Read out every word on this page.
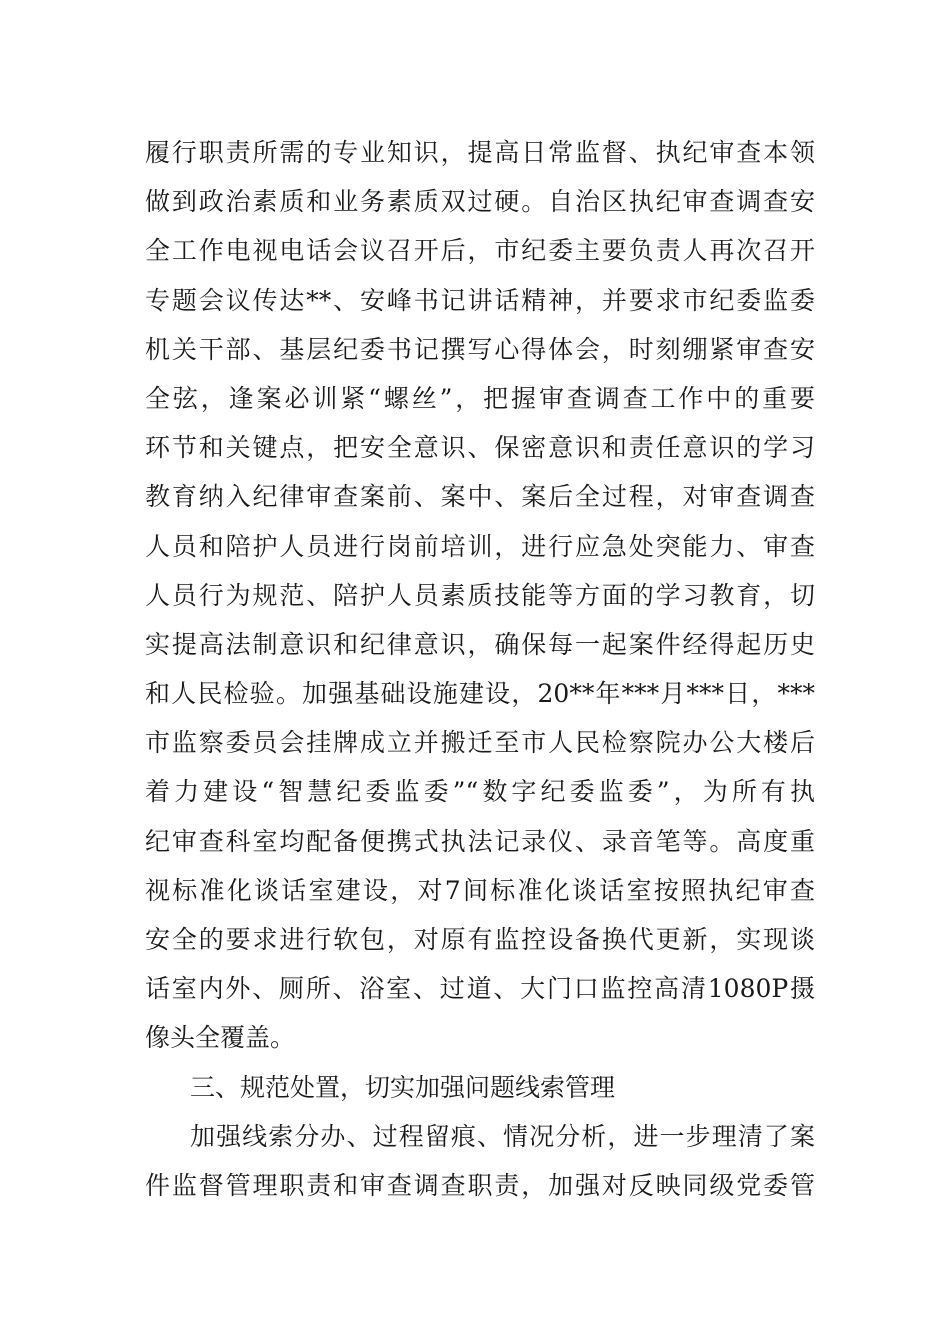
履行职责所需的专业知识，提高日常监督、执纪审查本领
做到政治素质和业务素质双过硬。自治区执纪审查调查安
全工作电视电话会议召开后，市纪委主要负责人再次召开
专题会议传达**、安峰书记讲话精神，并要求市纪委监委
机关干部、基层纪委书记撰写心得体会，时刻绷紧审查安
全弦，逢案必训紧“螺丝”，把握审查调查工作中的重要
环节和关键点，把安全意识、保密意识和责任意识的学习
教育纳入纪律审查案前、案中、案后全过程，对审查调查
人员和陪护人员进行岗前培训，进行应急处突能力、审查
人员行为规范、陪护人员素质技能等方面的学习教育，切
实提高法制意识和纪律意识，确保每一起案件经得起历史
和人民检验。加强基础设施建设，20**年***月***日，***
市监察委员会挂牌成立并搬迁至市人民检察院办公大楼后
着力建设“智慧纪委监委”“数字纪委监委”，为所有执
纪审查科室均配备便携式执法记录仪、录音笔等。高度重
视标准化谈话室建设，对7间标准化谈话室按照执纪审查
安全的要求进行软包，对原有监控设备换代更新，实现谈
话室内外、厕所、浴室、过道、大门口监控高清1080P摄
像头全覆盖。
三、规范处置，切实加强问题线索管理
加强线索分办、过程留痕、情况分析，进一步理清了案
件监督管理职责和审查调查职责，加强对反映同级党委管
